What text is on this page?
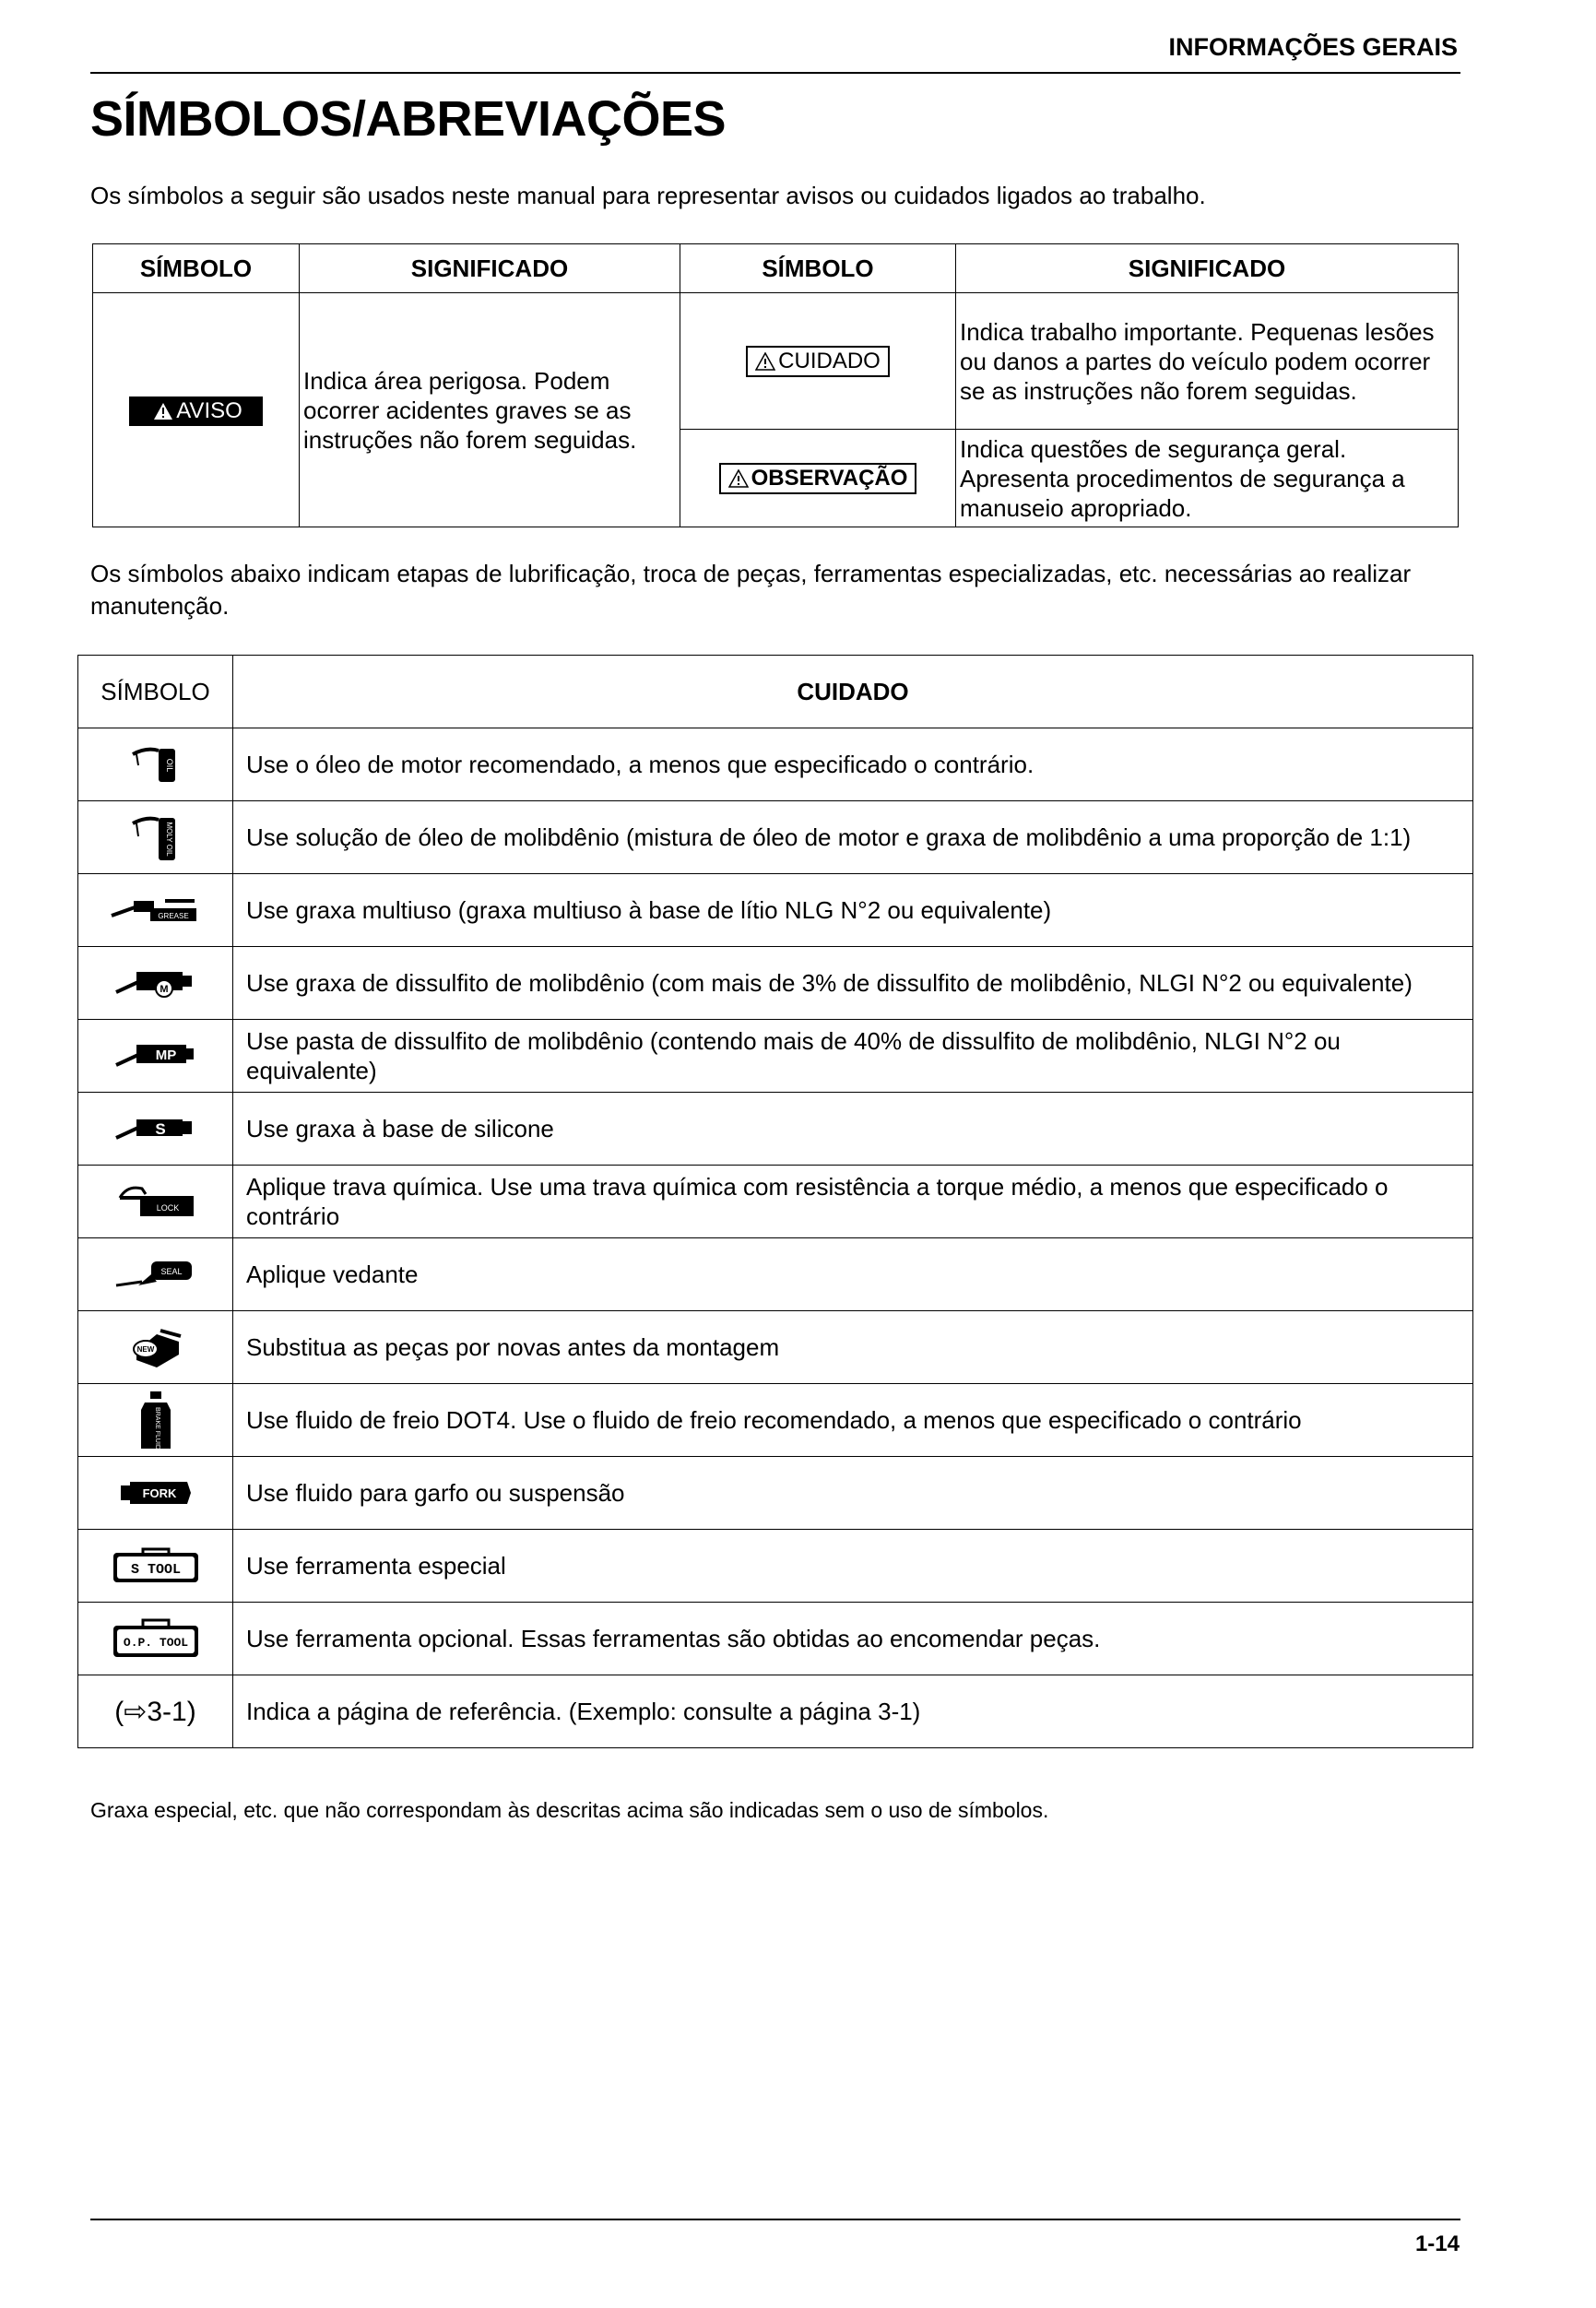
INFORMAÇÕES GERAIS
SÍMBOLOS/ABREVIAÇÕES
Os símbolos a seguir são usados neste manual para representar avisos ou cuidados ligados ao trabalho.
SÍMBOLO	SIGNIFICADO	SÍMBOLO	SIGNIFICADO
AVISO	Indica área perigosa. Podem ocorrer acidentes graves se as instruções não forem seguidas.	CUIDADO	Indica trabalho importante. Pequenas lesões ou danos a partes do veículo podem ocorrer se as instruções não forem seguidas.
		OBSERVAÇÃO	Indica questões de segurança geral. Apresenta procedimentos de segurança a manuseio apropriado.
Os símbolos abaixo indicam etapas de lubrificação, troca de peças, ferramentas especializadas, etc. necessárias ao realizar manutenção.
SÍMBOLO	CUIDADO

OIL	Use o óleo de motor recomendado, a menos que especificado o contrário.

MOLY OIL	Use solução de óleo de molibdênio (mistura de óleo de motor e graxa de molibdênio a uma proporção de 1:1)

GREASE	Use graxa multiuso (graxa multiuso à base de lítio NLG N°2 ou equivalente)

M	Use graxa de dissulfito de molibdênio (com mais de 3% de dissulfito de molibdênio, NLGI N°2 ou equivalente)

MP	Use pasta de dissulfito de molibdênio (contendo mais de 40% de dissulfito de molibdênio, NLGI N°2 ou equivalente)

S	Use graxa à base de silicone

LOCK	Aplique trava química. Use uma trava química com resistência a torque médio, a menos que especificado o contrário

SEAL	Aplique vedante

NEW	Substitua as peças por novas antes da montagem

BRAKE FLUID	Use fluido de freio DOT4. Use o fluido de freio recomendado, a menos que especificado o contrário

FORK	Use fluido para garfo ou suspensão

S TOOL	Use ferramenta especial

O.P. TOOL	Use ferramenta opcional. Essas ferramentas são obtidas ao encomendar peças.
(⇨3-1)	Indica a página de referência. (Exemplo: consulte a página 3-1)
Graxa especial, etc. que não correspondam às descritas acima são indicadas sem o uso de símbolos.
1-14
